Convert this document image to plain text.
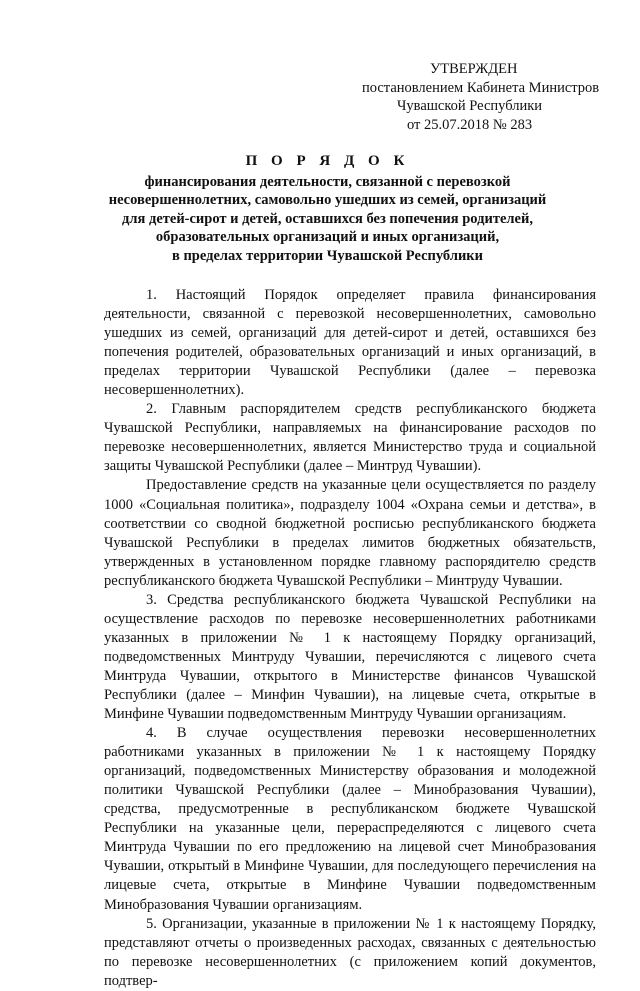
УТВЕРЖДЕН
постановлением Кабинета Министров
Чувашской Республики
от 25.07.2018 № 283
П О Р Я Д О К
финансирования деятельности, связанной с перевозкой
несовершеннолетних, самовольно ушедших из семей, организаций
для детей-сирот и детей, оставшихся без попечения родителей,
образовательных организаций и иных организаций,
в пределах территории Чувашской Республики

1. Настоящий Порядок определяет правила финансирования деятельности, связанной с перевозкой несовершеннолетних, самовольно ушедших из семей, организаций для детей-сирот и детей, оставшихся без попечения родителей, образовательных организаций и иных организаций, в пределах территории Чувашской Республики (далее – перевозка несовершеннолетних).

2. Главным распорядителем средств республиканского бюджета Чувашской Республики, направляемых на финансирование расходов по перевозке несовершеннолетних, является Министерство труда и социальной защиты Чувашской Республики (далее – Минтруд Чувашии).

Предоставление средств на указанные цели осуществляется по разделу 1000 «Социальная политика», подразделу 1004 «Охрана семьи и детства», в соответствии со сводной бюджетной росписью республиканского бюджета Чувашской Республики в пределах лимитов бюджетных обязательств, утвержденных в установленном порядке главному распорядителю средств республиканского бюджета Чувашской Республики – Минтруду Чувашии.

3. Средства республиканского бюджета Чувашской Республики на осуществление расходов по перевозке несовершеннолетних работниками указанных в приложении № 1 к настоящему Порядку организаций, подведомственных Минтруду Чувашии, перечисляются с лицевого счета Минтруда Чувашии, открытого в Министерстве финансов Чувашской Республики (далее – Минфин Чувашии), на лицевые счета, открытые в Минфине Чувашии подведомственным Минтруду Чувашии организациям.

4. В случае осуществления перевозки несовершеннолетних работниками указанных в приложении № 1 к настоящему Порядку организаций, подведомственных Министерству образования и молодежной политики Чувашской Республики (далее – Минобразования Чувашии), средства, предусмотренные в республиканском бюджете Чувашской Республики на указанные цели, перераспределяются с лицевого счета Минтруда Чувашии по его предложению на лицевой счет Минобразования Чувашии, открытый в Минфине Чувашии, для последующего перечисления на лицевые счета, открытые в Минфине Чувашии подведомственным Минобразования Чувашии организациям.

5. Организации, указанные в приложении № 1 к настоящему Порядку, представляют отчеты о произведенных расходах, связанных с деятельностью по перевозке несовершеннолетних (с приложением копий документов, подтвер-
